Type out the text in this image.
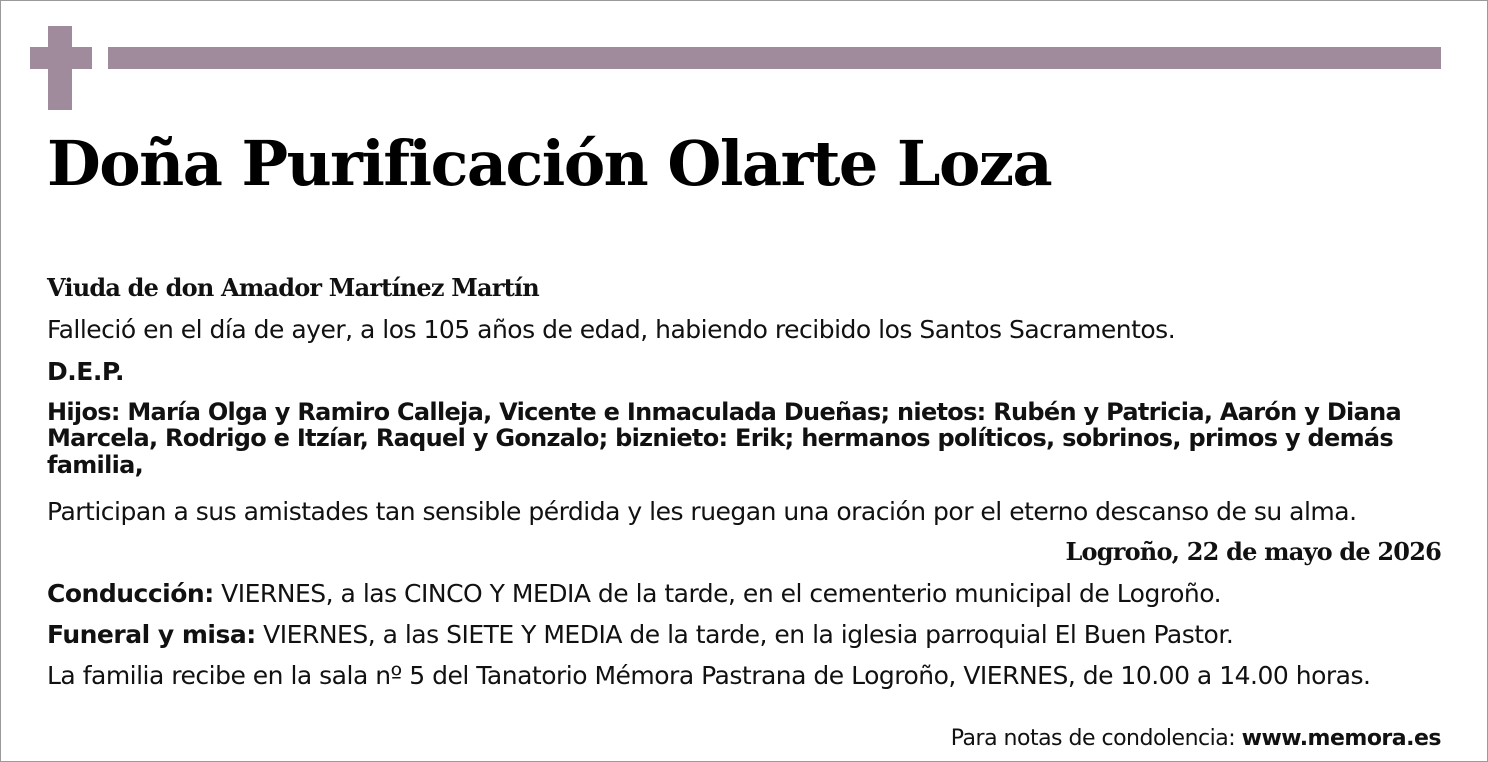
Doña Purificación Olarte Loza
Viuda de don Amador Martínez Martín
Falleció en el día de ayer, a los 105 años de edad, habiendo recibido los Santos Sacramentos.
D.E.P.
Hijos: María Olga y Ramiro Calleja, Vicente e Inmaculada Dueñas; nietos: Rubén y Patricia, Aarón y Diana Marcela, Rodrigo e Itzíar, Raquel y Gonzalo; biznieto: Erik; hermanos políticos, sobrinos, primos y demás familia,
Participan a sus amistades tan sensible pérdida y les ruegan una oración por el eterno descanso de su alma.
Logroño, 22 de mayo de 2026
Conducción: VIERNES, a las CINCO Y MEDIA de la tarde, en el cementerio municipal de Logroño.
Funeral y misa: VIERNES, a las SIETE Y MEDIA de la tarde, en la iglesia parroquial El Buen Pastor.
La familia recibe en la sala nº 5 del Tanatorio Mémora Pastrana de Logroño, VIERNES, de 10.00 a 14.00 horas.
Para notas de condolencia: www.memora.es
